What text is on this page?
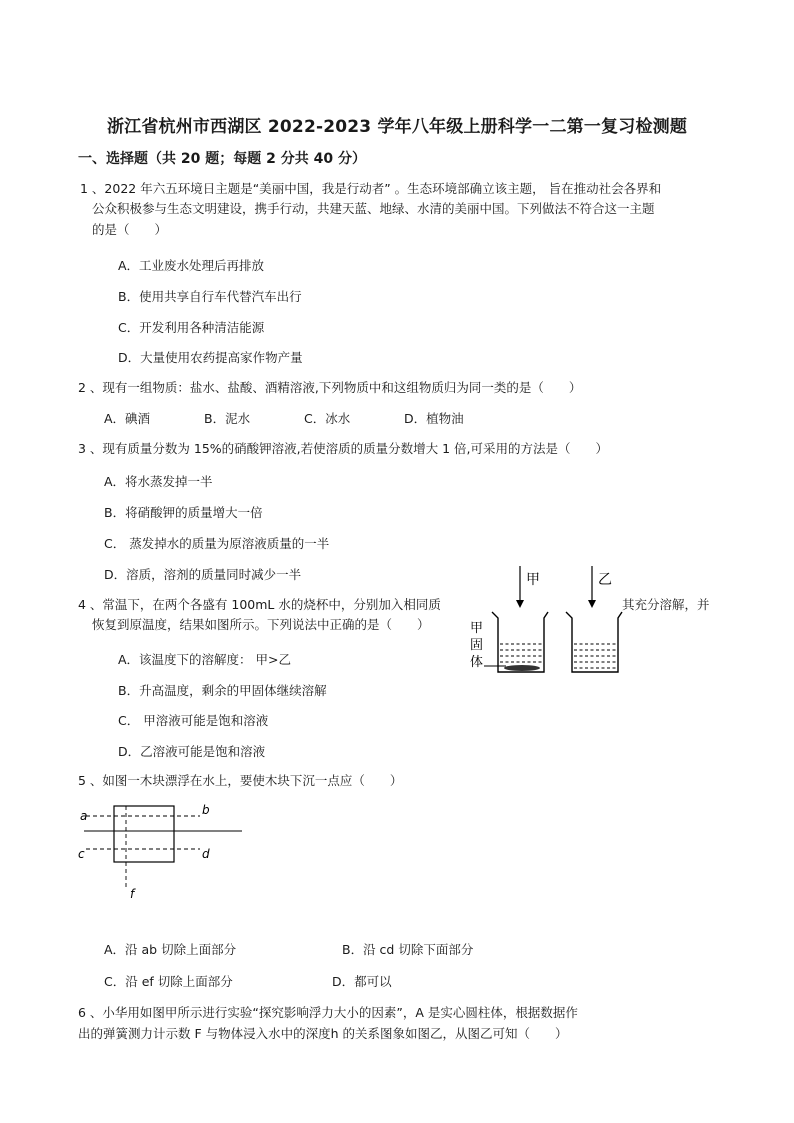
浙江省杭州市西湖区 2022-2023 学年八年级上册科学一二第一复习检测题
一、选择题（共 20 题；每题 2 分共 40 分）
1 、2022 年六五环境日主题是“美丽中国，我是行动者” 。生态环境部确立该主题， 旨在推动社会各界和
公众积极参与生态文明建设，携手行动，共建天蓝、地绿、水清的美丽中国。下列做法不符合这一主题
的是（　　）
A．工业废水处理后再排放
B．使用共享自行车代替汽车出行
C．开发利用各种清洁能源
D．大量使用农药提高家作物产量
2 、现有一组物质：盐水、盐酸、酒精溶液,下列物质中和这组物质归为同一类的是（　　）
A．碘酒	B．泥水	C．冰水	D．植物油
3 、现有质量分数为 15%的硝酸钾溶液,若使溶质的质量分数增大 1 倍,可采用的方法是（　　）
A．将水蒸发掉一半
B．将硝酸钾的质量增大一倍
C． 蒸发掉水的质量为原溶液质量的一半
D．溶质，溶剂的质量同时减少一半
4 、常温下，在两个各盛有 100mL 水的烧杯中，分别加入相同质	其充分溶解，并
恢复到原温度，结果如图所示。下列说法中正确的是（　　）
A．该温度下的溶解度： 甲>乙
B．升高温度，剩余的甲固体继续溶解
C． 甲溶液可能是饱和溶液
D．乙溶液可能是饱和溶液
甲
甲
固
体
乙
5 、如图一木块漂浮在水上，要使木块下沉一点应（　　）
a	b
c	d
f
A．沿 ab 切除上面部分	B．沿 cd 切除下面部分
C．沿 ef 切除上面部分	D．都可以
6 、小华用如图甲所示进行实验“探究影响浮力大小的因素”，A 是实心圆柱体，根据数据作
出的弹簧测力计示数 F 与物体浸入水中的深度h 的关系图象如图乙，从图乙可知（　　）
